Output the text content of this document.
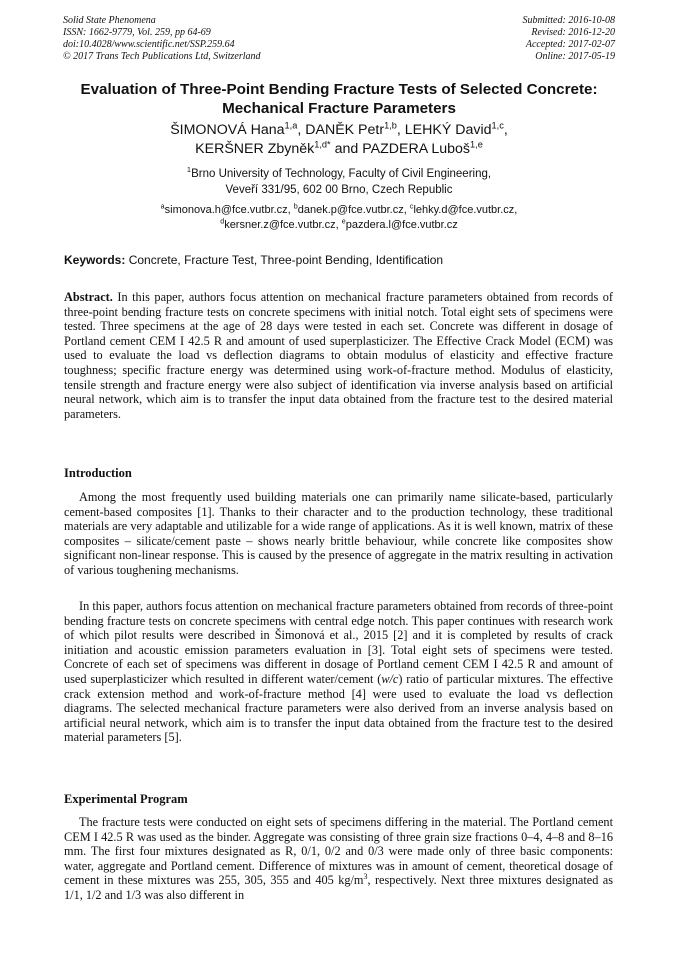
Solid State Phenomena
ISSN: 1662-9779, Vol. 259, pp 64-69
doi:10.4028/www.scientific.net/SSP.259.64
© 2017 Trans Tech Publications Ltd, Switzerland
Submitted: 2016-10-08
Revised: 2016-12-20
Accepted: 2017-02-07
Online: 2017-05-19
Evaluation of Three-Point Bending Fracture Tests of Selected Concrete:
Mechanical Fracture Parameters
ŠIMONOVÁ Hana$^{1,a}$, DANĚK Petr$^{1,b}$, LEHKÝ David$^{1,c}$,
KERŠNER Zbyněk$^{1,d*}$ and PAZDERA Luboš$^{1,e}$
$^1$Brno University of Technology, Faculty of Civil Engineering,
Veveří 331/95, 602 00 Brno, Czech Republic
$^a$simonova.h@fce.vutbr.cz, $^b$danek.p@fce.vutbr.cz, $^c$lehky.d@fce.vutbr.cz,
$^d$kersner.z@fce.vutbr.cz, $^e$pazdera.l@fce.vutbr.cz
Keywords: Concrete, Fracture Test, Three-point Bending, Identification
Abstract. In this paper, authors focus attention on mechanical fracture parameters obtained from records of three-point bending fracture tests on concrete specimens with initial notch. Total eight sets of specimens were tested. Three specimens at the age of 28 days were tested in each set. Concrete was different in dosage of Portland cement CEM I 42.5 R and amount of used superplasticizer. The Effective Crack Model (ECM) was used to evaluate the load vs deflection diagrams to obtain modulus of elasticity and effective fracture toughness; specific fracture energy was determined using work-of-fracture method. Modulus of elasticity, tensile strength and fracture energy were also subject of identification via inverse analysis based on artificial neural network, which aim is to transfer the input data obtained from the fracture test to the desired material parameters.
Introduction
Among the most frequently used building materials one can primarily name silicate-based, particularly cement-based composites [1]. Thanks to their character and to the production technology, these traditional materials are very adaptable and utilizable for a wide range of applications. As it is well known, matrix of these composites – silicate/cement paste – shows nearly brittle behaviour, while concrete like composites show significant non-linear response. This is caused by the presence of aggregate in the matrix resulting in activation of various toughening mechanisms.
In this paper, authors focus attention on mechanical fracture parameters obtained from records of three-point bending fracture tests on concrete specimens with central edge notch. This paper continues with research work of which pilot results were described in Šimonová et al., 2015 [2] and it is completed by results of crack initiation and acoustic emission parameters evaluation in [3]. Total eight sets of specimens were tested. Concrete of each set of specimens was different in dosage of Portland cement CEM I 42.5 R and amount of used superplasticizer which resulted in different water/cement (w/c) ratio of particular mixtures. The effective crack extension method and work-of-fracture method [4] were used to evaluate the load vs deflection diagrams. The selected mechanical fracture parameters were also derived from an inverse analysis based on artificial neural network, which aim is to transfer the input data obtained from the fracture test to the desired material parameters [5].
Experimental Program
The fracture tests were conducted on eight sets of specimens differing in the material. The Portland cement CEM I 42.5 R was used as the binder. Aggregate was consisting of three grain size fractions 0–4, 4–8 and 8–16 mm. The first four mixtures designated as R, 0/1, 0/2 and 0/3 were made only of three basic components: water, aggregate and Portland cement. Difference of mixtures was in amount of cement, theoretical dosage of cement in these mixtures was 255, 305, 355 and 405 $kg/m^3$, respectively. Next three mixtures designated as 1/1, 1/2 and 1/3 was also different in
